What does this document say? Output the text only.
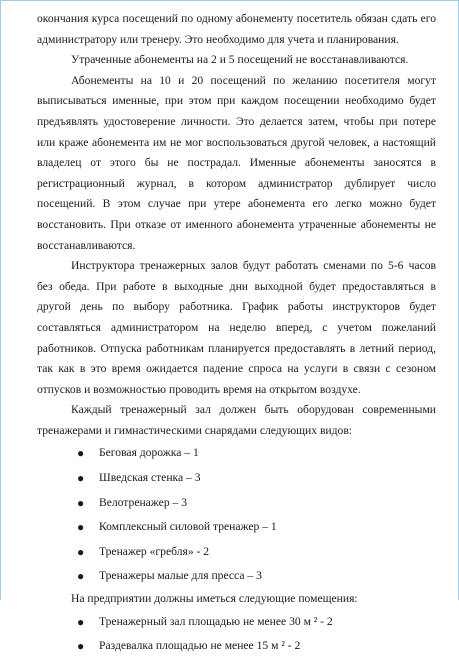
окончания курса посещений по одному абонементу посетитель обязан сдать его администратору или тренеру. Это необходимо для учета и планирования.

Утраченные абонементы на 2 и 5 посещений не восстанавливаются.

Абонементы на 10 и 20 посещений по желанию посетителя могут выписываться именные, при этом при каждом посещении необходимо будет предъявлять удостоверение личности. Это делается затем, чтобы при потере или краже абонемента им не мог воспользоваться другой человек, а настоящий владелец от этого бы не пострадал. Именные абонементы заносятся в регистрационный журнал, в котором администратор дублирует число посещений. В этом случае при утере абонемента его легко можно будет восстановить. При отказе от именного абонемента утраченные абонементы не восстанавливаются.

Инструктора тренажерных залов будут работать сменами по 5-6 часов без обеда. При работе в выходные дни выходной будет предоставляться в другой день по выбору работника. График работы инструкторов будет составляться администратором на неделю вперед, с учетом пожеланий работников. Отпуска работникам планируется предоставлять в летний период, так как в это время ожидается падение спроса на услуги в связи с сезоном отпусков и возможностью проводить время на открытом воздухе.

Каждый тренажерный зал должен быть оборудован современными тренажерами и гимнастическими снарядами следующих видов:

● Беговая дорожка – 1
● Шведская стенка – 3
● Велотренажер – 3
● Комплексный силовой тренажер – 1
● Тренажер «гребля» - 2
● Тренажеры малые для пресса – 3

На предприятии должны иметься следующие помещения:

● Тренажерный зал площадью не менее 30 м ² - 2
● Раздевалка площадью не менее 15 м ² - 2
